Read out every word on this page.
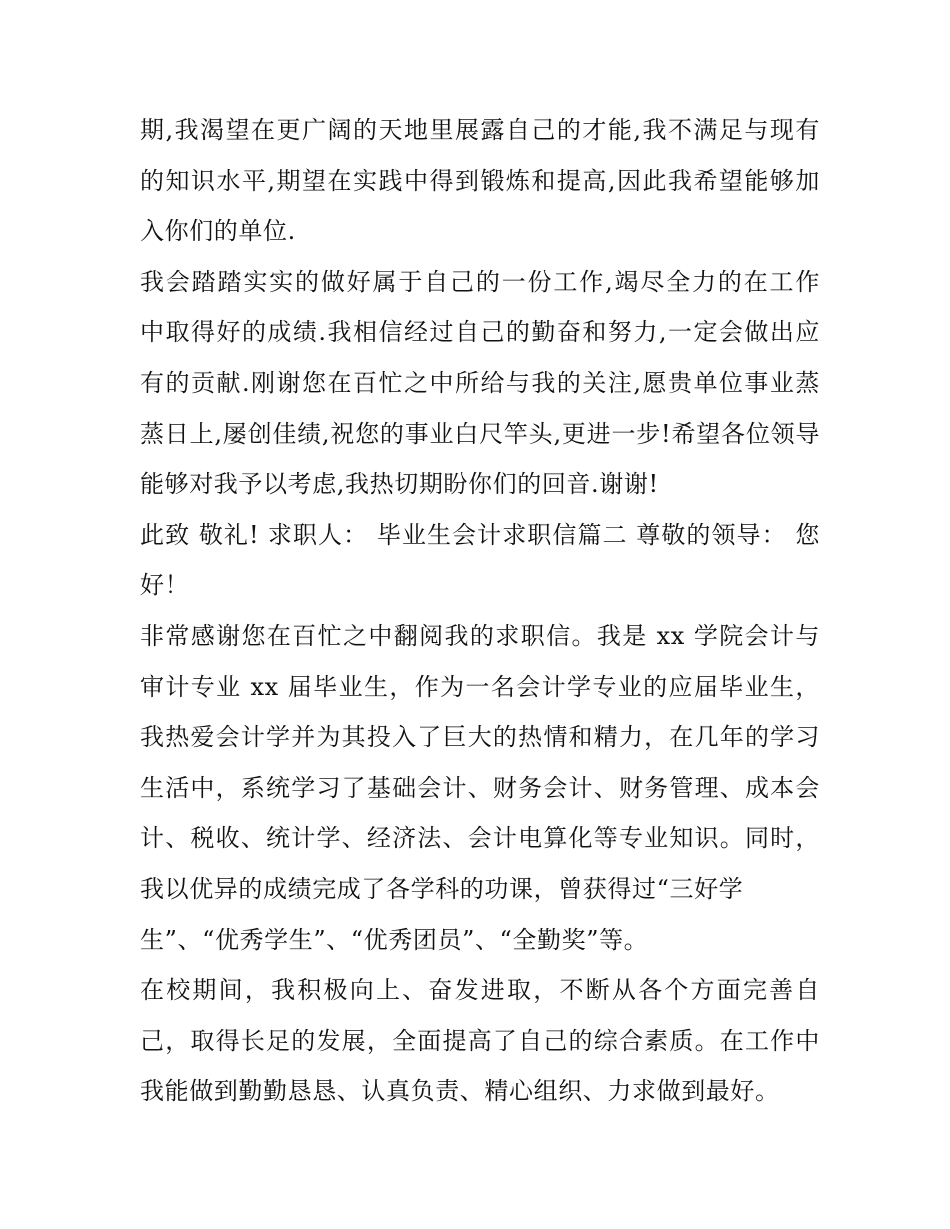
期,我渴望在更广阔的天地里展露自己的才能,我不满足与现有
的知识水平,期望在实践中得到锻炼和提高,因此我希望能够加
入你们的单位.
我会踏踏实实的做好属于自己的一份工作,竭尽全力的在工作
中取得好的成绩.我相信经过自己的勤奋和努力,一定会做出应
有的贡献.刚谢您在百忙之中所给与我的关注,愿贵单位事业蒸
蒸日上,屡创佳绩,祝您的事业白尺竿头,更进一步!希望各位领导
能够对我予以考虑,我热切期盼你们的回音.谢谢!
此致 敬礼! 求职人： 毕业生会计求职信篇二 尊敬的领导： 您
好！
非常感谢您在百忙之中翻阅我的求职信。我是 xx 学院会计与
审计专业 xx 届毕业生，作为一名会计学专业的应届毕业生，
我热爱会计学并为其投入了巨大的热情和精力，在几年的学习
生活中，系统学习了基础会计、财务会计、财务管理、成本会
计、税收、统计学、经济法、会计电算化等专业知识。同时，
我以优异的成绩完成了各学科的功课，曾获得过“三好学
生”、“优秀学生”、“优秀团员”、“全勤奖”等。
在校期间，我积极向上、奋发进取，不断从各个方面完善自
己，取得长足的发展，全面提高了自己的综合素质。在工作中
我能做到勤勤恳恳、认真负责、精心组织、力求做到最好。
